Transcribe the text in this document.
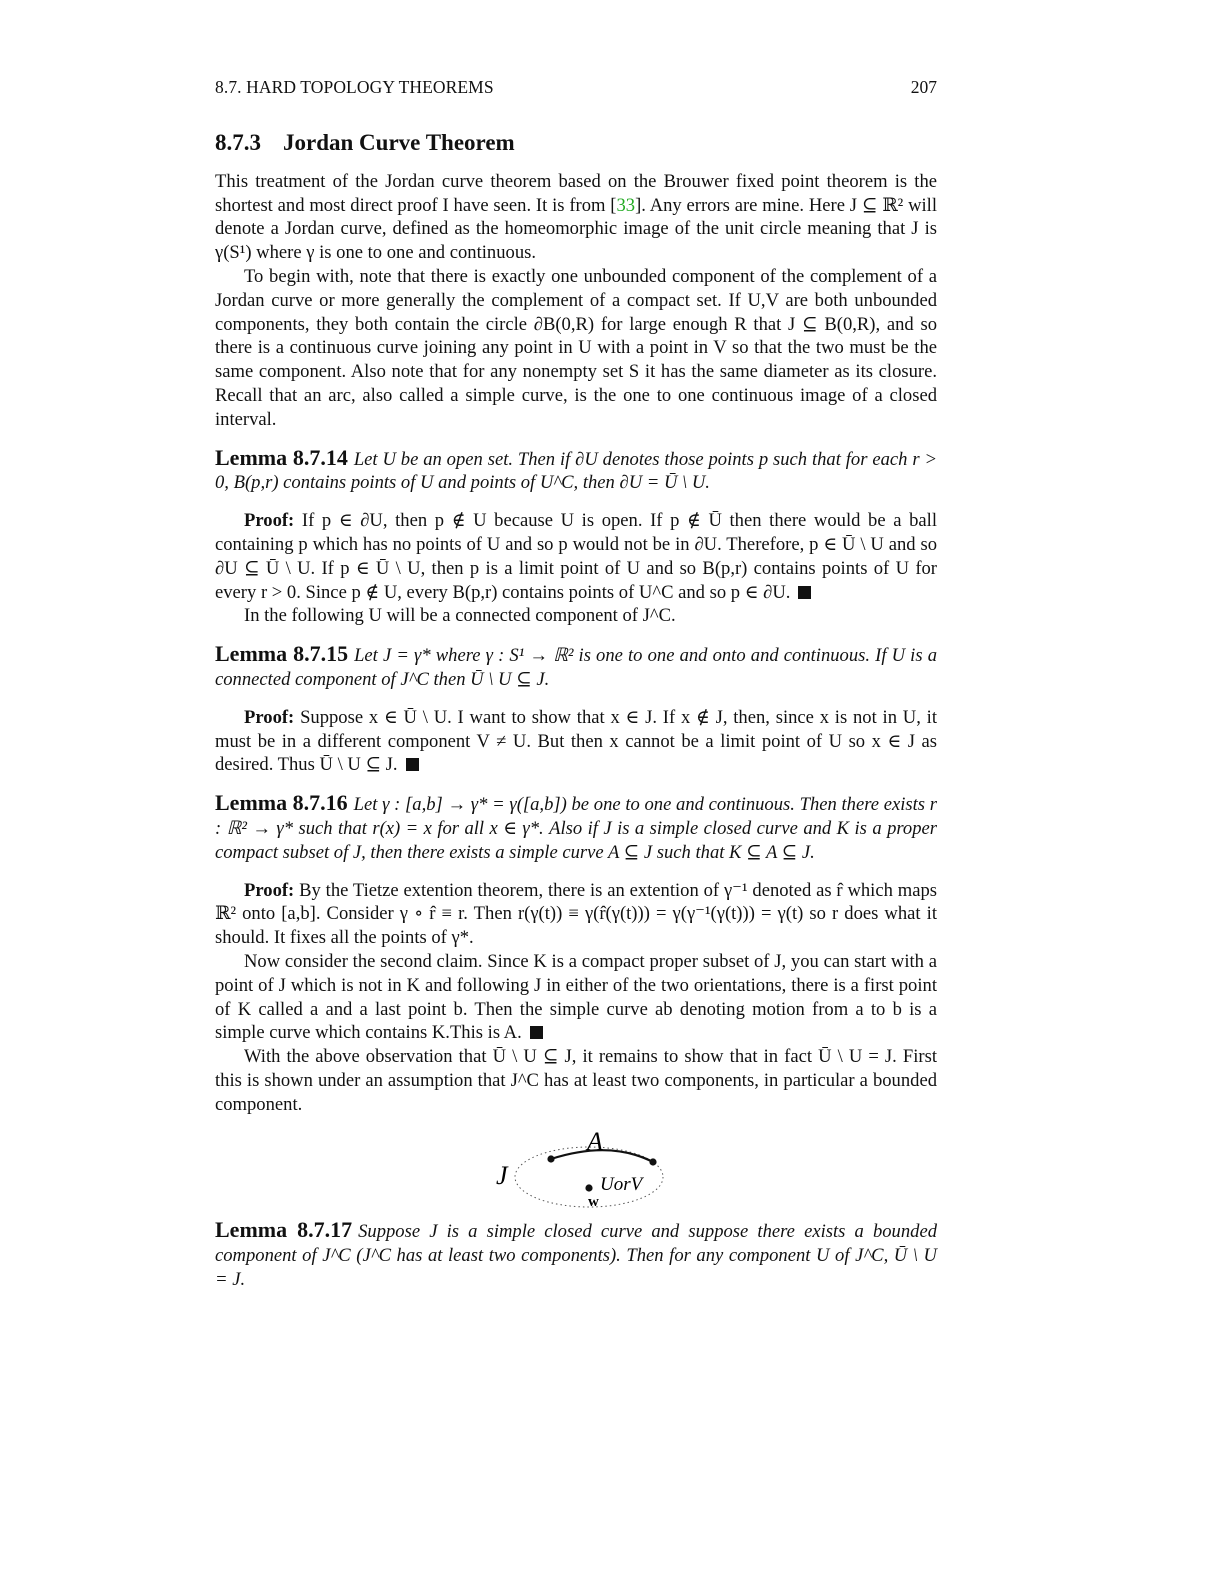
8.7. HARD TOPOLOGY THEOREMS	207
8.7.3 Jordan Curve Theorem

This treatment of the Jordan curve theorem based on the Brouwer fixed point theorem is the shortest and most direct proof I have seen. It is from [33]. Any errors are mine. Here J ⊆ ℝ² will denote a Jordan curve, defined as the homeomorphic image of the unit circle meaning that J is γ(S¹) where γ is one to one and continuous.

To begin with, note that there is exactly one unbounded component of the complement of a Jordan curve or more generally the complement of a compact set. If U,V are both unbounded components, they both contain the circle ∂B(0,R) for large enough R that J ⊆ B(0,R), and so there is a continuous curve joining any point in U with a point in V so that the two must be the same component. Also note that for any nonempty set S it has the same diameter as its closure. Recall that an arc, also called a simple curve, is the one to one continuous image of a closed interval.

Lemma 8.7.14 Let U be an open set. Then if ∂U denotes those points p such that for each r > 0, B(p,r) contains points of U and points of U^C, then ∂U = Ū \ U.

Proof: If p ∈ ∂U, then p ∉ U because U is open. If p ∉ Ū then there would be a ball containing p which has no points of U and so p would not be in ∂U. Therefore, p ∈ Ū \ U and so ∂U ⊆ Ū \ U. If p ∈ Ū \ U, then p is a limit point of U and so B(p,r) contains points of U for every r > 0. Since p ∉ U, every B(p,r) contains points of U^C and so p ∈ ∂U.

In the following U will be a connected component of J^C.

Lemma 8.7.15 Let J = γ* where γ : S¹ → ℝ² is one to one and onto and continuous. If U is a connected component of J^C then Ū \ U ⊆ J.

Proof: Suppose x ∈ Ū \ U. I want to show that x ∈ J. If x ∉ J, then, since x is not in U, it must be in a different component V ≠ U. But then x cannot be a limit point of U so x ∈ J as desired. Thus Ū \ U ⊆ J.

Lemma 8.7.16 Let γ : [a,b] → γ* = γ([a,b]) be one to one and continuous. Then there exists r : ℝ² → γ* such that r(x) = x for all x ∈ γ*. Also if J is a simple closed curve and K is a proper compact subset of J, then there exists a simple curve A ⊆ J such that K ⊆ A ⊆ J.

Proof: By the Tietze extention theorem, there is an extention of γ⁻¹ denoted as r̂ which maps ℝ² onto [a,b]. Consider γ ∘ r̂ ≡ r. Then r(γ(t)) ≡ γ(r̂(γ(t))) = γ(γ⁻¹(γ(t))) = γ(t) so r does what it should. It fixes all the points of γ*.

Now consider the second claim. Since K is a compact proper subset of J, you can start with a point of J which is not in K and following J in either of the two orientations, there is a first point of K called a and a last point b. Then the simple curve ab denoting motion from a to b is a simple curve which contains K.This is A.

With the above observation that Ū \ U ⊆ J, it remains to show that in fact Ū \ U = J. First this is shown under an assumption that J^C has at least two components, in particular a bounded component.

A
J	UorV
w

Lemma 8.7.17 Suppose J is a simple closed curve and suppose there exists a bounded component of J^C (J^C has at least two components). Then for any component U of J^C, Ū \ U = J.
